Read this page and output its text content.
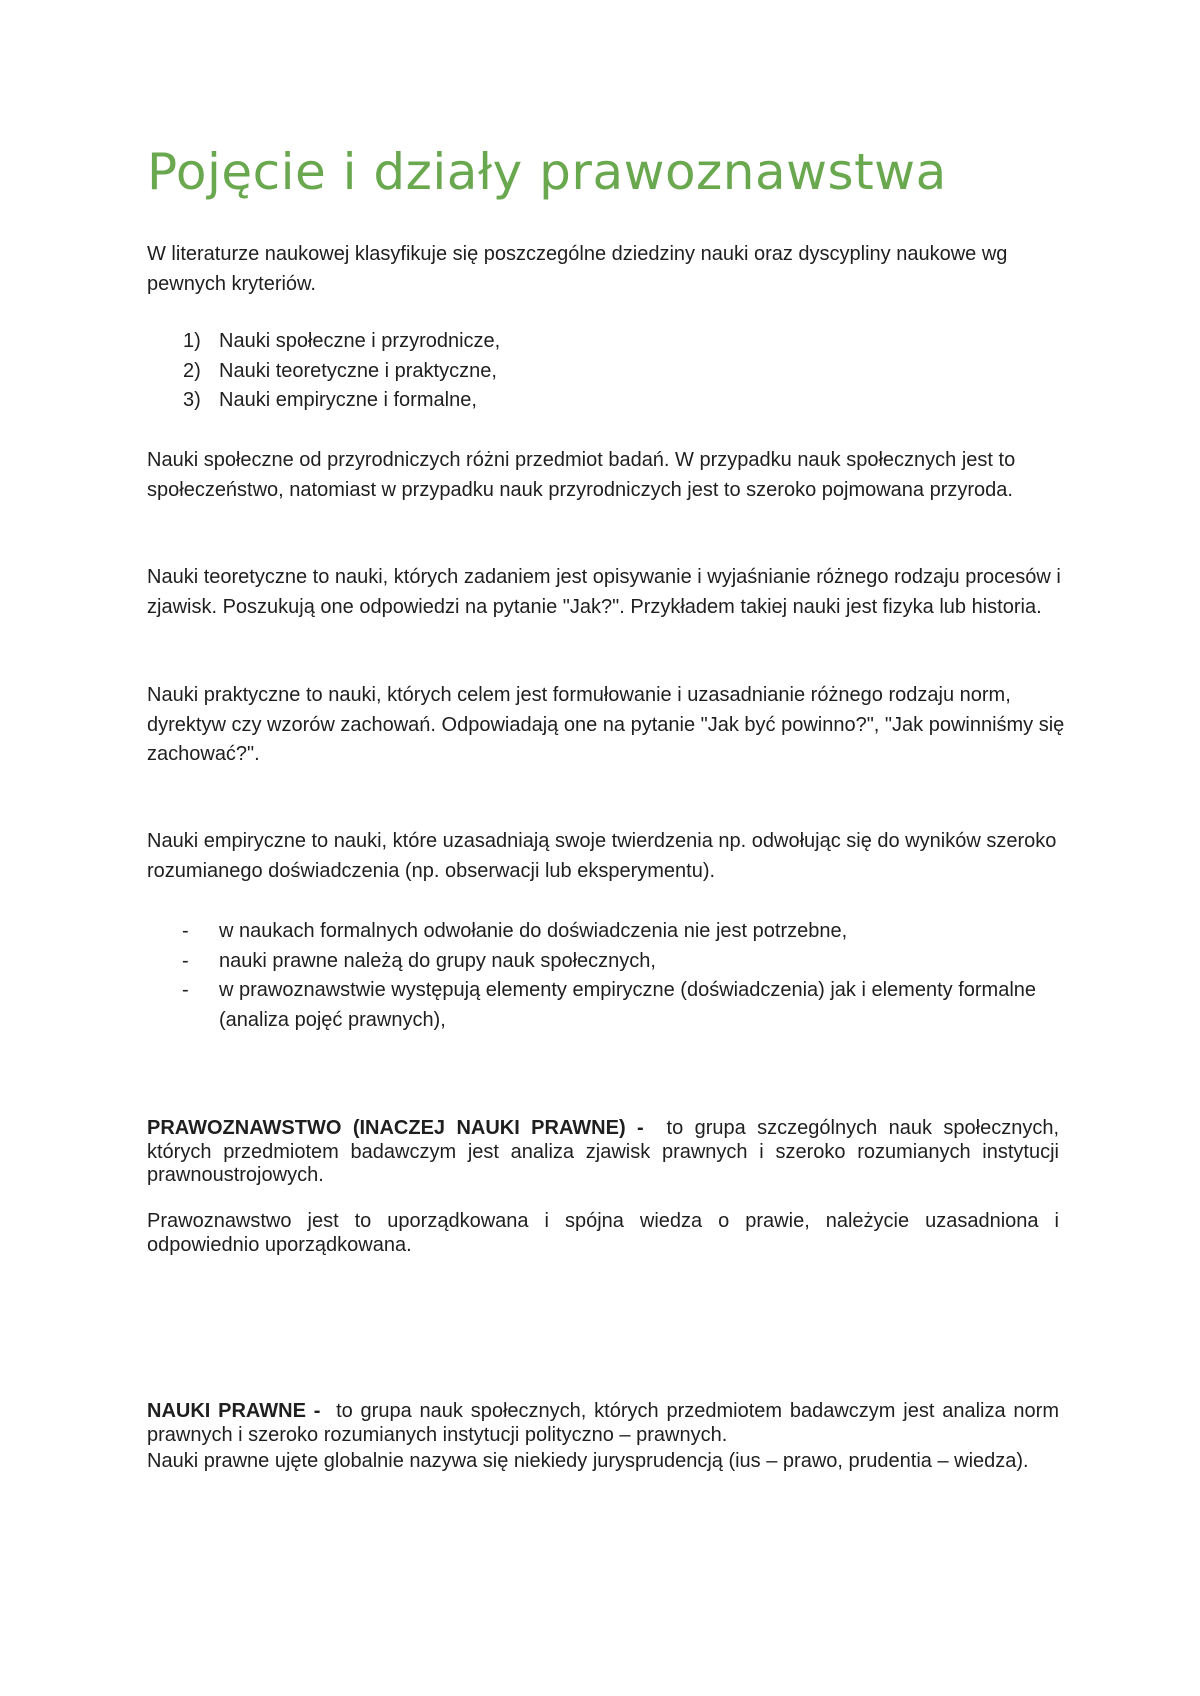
Pojęcie i działy prawoznawstwa

W literaturze naukowej klasyfikuje się poszczególne dziedziny nauki oraz dyscypliny naukowe wg pewnych kryteriów.

1) Nauki społeczne i przyrodnicze,
2) Nauki teoretyczne i praktyczne,
3) Nauki empiryczne i formalne,

Nauki społeczne od przyrodniczych różni przedmiot badań. W przypadku nauk społecznych jest to społeczeństwo, natomiast w przypadku nauk przyrodniczych jest to szeroko pojmowana przyroda.

Nauki teoretyczne to nauki, których zadaniem jest opisywanie i wyjaśnianie różnego rodzaju procesów i zjawisk. Poszukują one odpowiedzi na pytanie "Jak?". Przykładem takiej nauki jest fizyka lub historia.

Nauki praktyczne to nauki, których celem jest formułowanie i uzasadnianie różnego rodzaju norm, dyrektyw czy wzorów zachowań. Odpowiadają one na pytanie "Jak być powinno?", "Jak powinniśmy się zachować?".

Nauki empiryczne to nauki, które uzasadniają swoje twierdzenia np. odwołując się do wyników szeroko rozumianego doświadczenia (np. obserwacji lub eksperymentu).

- w naukach formalnych odwołanie do doświadczenia nie jest potrzebne,
- nauki prawne należą do grupy nauk społecznych,
- w prawoznawstwie występują elementy empiryczne (doświadczenia) jak i elementy formalne (analiza pojęć prawnych),

PRAWOZNAWSTWO (INACZEJ NAUKI PRAWNE) - to grupa szczególnych nauk społecznych, których przedmiotem badawczym jest analiza zjawisk prawnych i szeroko rozumianych instytucji prawnoustrojowych.

Prawoznawstwo jest to uporządkowana i spójna wiedza o prawie, należycie uzasadniona i odpowiednio uporządkowana.

NAUKI PRAWNE - to grupa nauk społecznych, których przedmiotem badawczym jest analiza norm prawnych i szeroko rozumianych instytucji polityczno – prawnych.
Nauki prawne ujęte globalnie nazywa się niekiedy jurysprudencją (ius – prawo, prudentia – wiedza).
